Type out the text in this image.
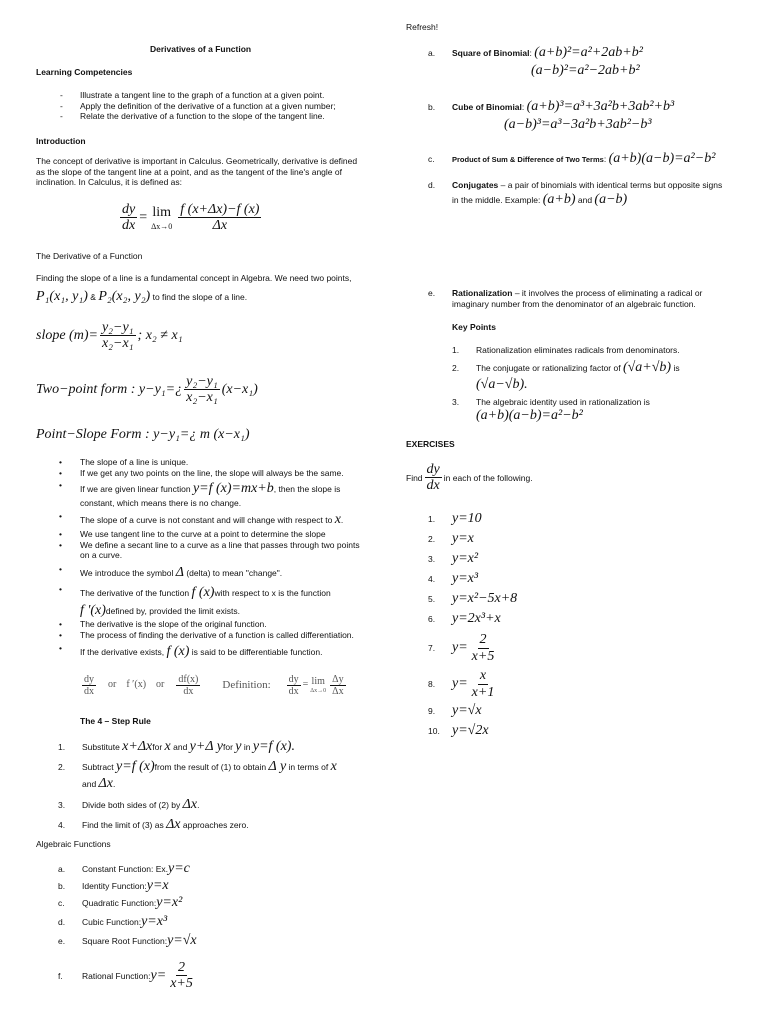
Derivatives of a Function
Learning Competencies
-	Illustrate a tangent line to the graph of a function at a given point.
-	Apply the definition of the derivative of a function at a given number;
-	Relate the derivative of a function to the slope of the tangent line.
Introduction
The concept of derivative is important in Calculus. Geometrically, derivative is defined as the slope of the tangent line at a point, and as the tangent of the line's angle of inclination. In Calculus, it is defined as:
$\frac{dy}{dx} = \lim$
$\Delta x\to 0 \frac{f (x+\Delta x)-f (x)}{\Delta x}$
The Derivative of a Function
Finding the slope of a line is a fundamental concept in Algebra. We need two points,
P₁(x₁, y₁) & P₂(x₂, y₂) to find the slope of a line.
slope $(m)= \frac{\text{y₂−y₁}}{\text{x₂−x₁}}$ ; x₂ ≠ x₁
Two−point form : y−y₁=¿ $\frac{\text{y₂−y₁}}{\text{x₂−x₁}} (x-x_1)$
Point−Slope Form : y−y₁=¿ m (x−x₁)
• The slope of a line is unique.
• If we get any two points on the line, the slope will always be the same.
• If we are given linear function y=f (x)=mx+b, then the slope is constant, which means there is no change.
• The slope of a curve is not constant and will change with respect to x.
• We use tangent line to the curve at a point to determine the slope
• We define a secant line to a curve as a line that passes through two points on a curve.
• We introduce the symbol Δ (delta) to mean "change".
• The derivative of the function f (x)with respect to x is the function
f '(x)defined by, provided the limit exists.
• The derivative is the slope of the original function.
• The process of finding the derivative of a function is called differentiation.
• If the derivative exists, f (x) is said to be differentiable function.
$\frac{dy}{dx}$ or f ′(x) or $\frac{df(x)}{dx}$ Definition: $\frac{dy}{dx} = \lim$
$\Delta x\to 0 \frac{\Delta y}{\Delta x}$
The 4 – Step Rule
1.	Substitute x+Δxfor x and y+Δ yfor y in y=f (x).
2.	Subtract y=f (x)from the result of (1) to obtain Δ y in terms of x
and Δx.
3.	Divide both sides of (2) by Δx.
4.	Find the limit of (3) as Δx approaches zero.
Algebraic Functions
a.	Constant Function: Ex. y=c
b.	Identity Function: y=x
c.	Quadratic Function: y=x²
d.	Cubic Function: y=x³
e.	Square Root Function: y=√x
f.	Rational Function: $y= \frac{2}{x+5}$
Refresh!
a.	Square of Binomial : (a+b)²=a²+2ab+b²
(a−b)²=a²−2ab+b²
b.	Cube of Binomial : (a+b)³=a³+3a²b+3ab²+b³
(a−b)³=a³−3a²b+3ab²−b³
c.	Product of Sum & Difference of Two Terms : (a+b)(a−b)=a²−b²
d.	Conjugates – a pair of binomials with identical terms but opposite signs in the middle. Example: (a+b) and (a−b)
e.	Rationalization – it involves the process of eliminating a radical or imaginary number from the denominator of an algebraic function.
Key Points
1.	Rationalization eliminates radicals from denominators.
2.	The conjugate or rationalizing factor of (√a+√b) is
(√a−√b).
3.	The algebraic identity used in rationalization is
(a+b)(a−b)=a²−b²
EXERCISES
Find $\frac{dy}{dx}$ in each of the following.
1.	y=10
2.	y=x
3.	y=x²
4.	y=x³
5.	y=x²−5x+8
6.	y=2x³+x
7.	$y= \frac{2}{x+5}$
8.	$y= \frac{x}{x+1}$
9.	y=√x
10. y=√2x
